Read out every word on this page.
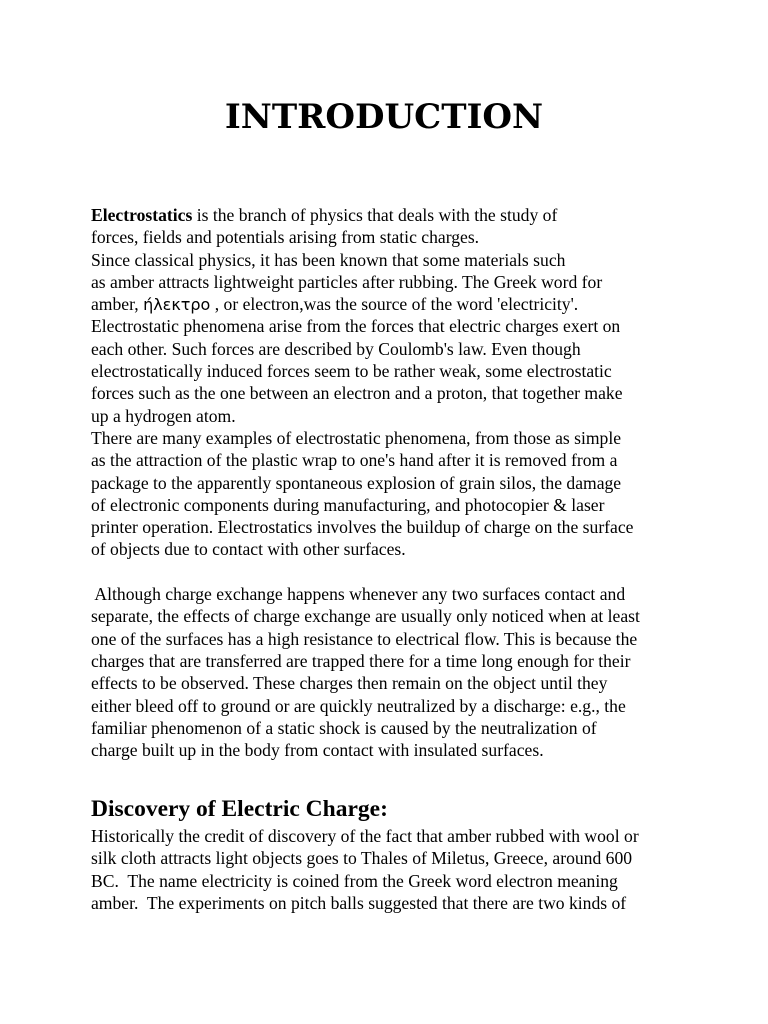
INTRODUCTION
Electrostatics is the branch of physics that deals with the study of
forces, fields and potentials arising from static charges.
Since classical physics, it has been known that some materials such
as amber attracts lightweight particles after rubbing. The Greek word for
amber, ήλεκτρο , or electron,was the source of the word 'electricity'.
Electrostatic phenomena arise from the forces that electric charges exert on
each other. Such forces are described by Coulomb's law. Even though
electrostatically induced forces seem to be rather weak, some electrostatic
forces such as the one between an electron and a proton, that together make
up a hydrogen atom.
There are many examples of electrostatic phenomena, from those as simple
as the attraction of the plastic wrap to one's hand after it is removed from a
package to the apparently spontaneous explosion of grain silos, the damage
of electronic components during manufacturing, and photocopier & laser
printer operation. Electrostatics involves the buildup of charge on the surface
of objects due to contact with other surfaces.
Although charge exchange happens whenever any two surfaces contact and
separate, the effects of charge exchange are usually only noticed when at least
one of the surfaces has a high resistance to electrical flow. This is because the
charges that are transferred are trapped there for a time long enough for their
effects to be observed. These charges then remain on the object until they
either bleed off to ground or are quickly neutralized by a discharge: e.g., the
familiar phenomenon of a static shock is caused by the neutralization of
charge built up in the body from contact with insulated surfaces.
Discovery of Electric Charge:
Historically the credit of discovery of the fact that amber rubbed with wool or
silk cloth attracts light objects goes to Thales of Miletus, Greece, around 600
BC.  The name electricity is coined from the Greek word electron meaning
amber.  The experiments on pitch balls suggested that there are two kinds of
